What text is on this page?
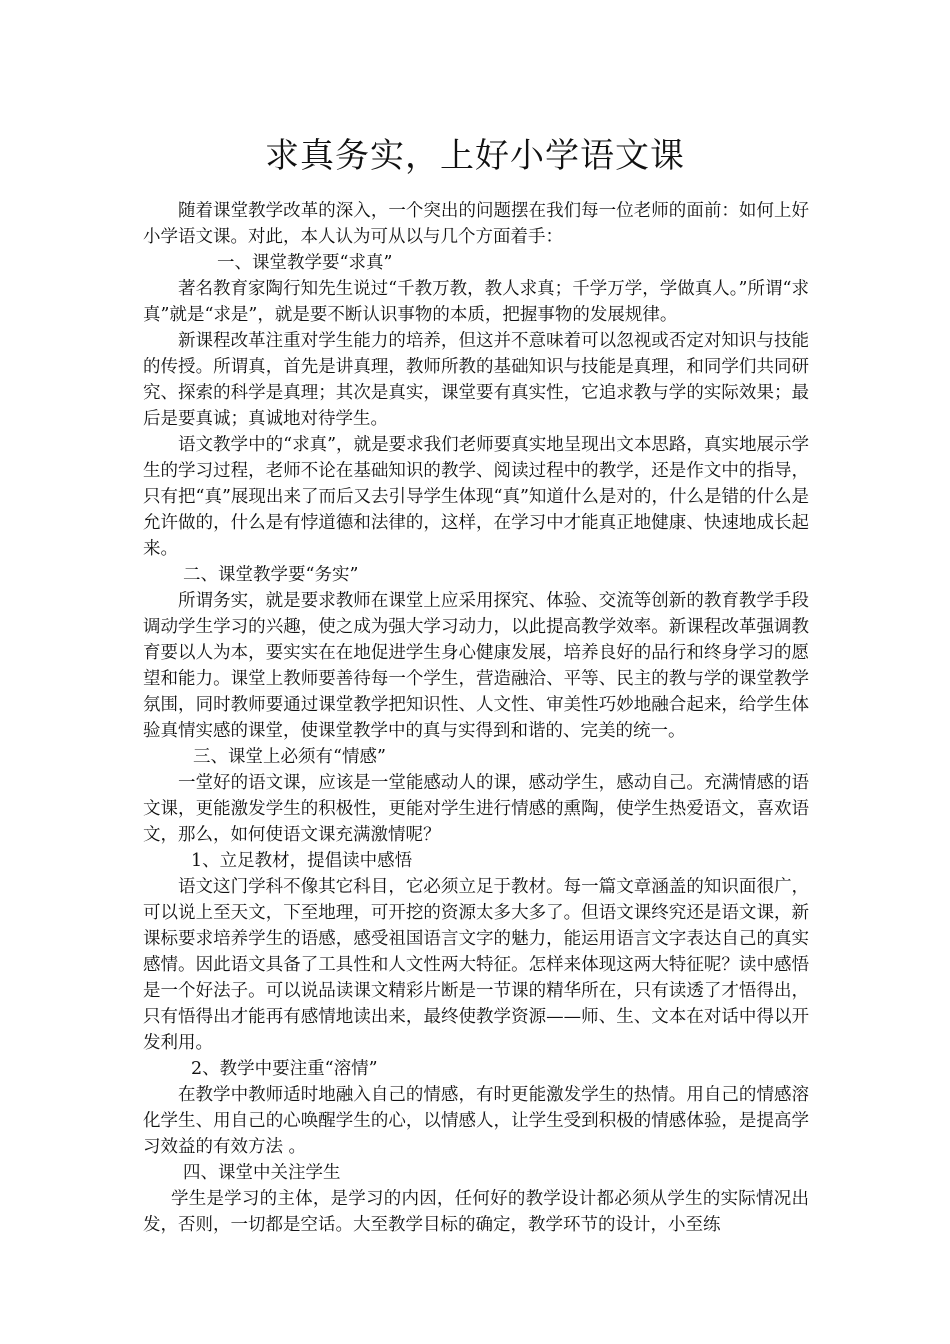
求真务实，上好小学语文课

随着课堂教学改革的深入，一个突出的问题摆在我们每一位老师的面前：如何上好小学语文课。对此，本人认为可从以与几个方面着手：

一、课堂教学要“求真”

著名教育家陶行知先生说过“千教万教，教人求真；千学万学，学做真人。”所谓“求真”就是“求是”，就是要不断认识事物的本质，把握事物的发展规律。

新课程改革注重对学生能力的培养，但这并不意味着可以忽视或否定对知识与技能的传授。所谓真，首先是讲真理，教师所教的基础知识与技能是真理，和同学们共同研究、探索的科学是真理；其次是真实，课堂要有真实性，它追求教与学的实际效果；最后是要真诚；真诚地对待学生。

语文教学中的“求真”，就是要求我们老师要真实地呈现出文本思路，真实地展示学生的学习过程，老师不论在基础知识的教学、阅读过程中的教学，还是作文中的指导，只有把“真”展现出来了而后又去引导学生体现“真”知道什么是对的，什么是错的什么是允许做的，什么是有悖道德和法律的，这样，在学习中才能真正地健康、快速地成长起来。

二、课堂教学要“务实”

所谓务实，就是要求教师在课堂上应采用探究、体验、交流等创新的教育教学手段调动学生学习的兴趣，使之成为强大学习动力，以此提高教学效率。新课程改革强调教育要以人为本，要实实在在地促进学生身心健康发展，培养良好的品行和终身学习的愿望和能力。课堂上教师要善待每一个学生，营造融洽、平等、民主的教与学的课堂教学氛围，同时教师要通过课堂教学把知识性、人文性、审美性巧妙地融合起来，给学生体验真情实感的课堂，使课堂教学中的真与实得到和谐的、完美的统一。

三、课堂上必须有“情感”

一堂好的语文课，应该是一堂能感动人的课，感动学生，感动自己。充满情感的语文课，更能激发学生的积极性，更能对学生进行情感的熏陶，使学生热爱语文，喜欢语文，那么，如何使语文课充满激情呢？

1、立足教材，提倡读中感悟

语文这门学科不像其它科目，它必须立足于教材。每一篇文章涵盖的知识面很广，可以说上至天文，下至地理，可开挖的资源太多大多了。但语文课终究还是语文课，新课标要求培养学生的语感，感受祖国语言文字的魅力，能运用语言文字表达自己的真实感情。因此语文具备了工具性和人文性两大特征。怎样来体现这两大特征呢？读中感悟是一个好法子。可以说品读课文精彩片断是一节课的精华所在，只有读透了才悟得出，只有悟得出才能再有感情地读出来，最终使教学资源——师、生、文本在对话中得以开发利用。

2、教学中要注重“溶情”

在教学中教师适时地融入自己的情感，有时更能激发学生的热情。用自己的情感溶化学生、用自己的心唤醒学生的心，以情感人，让学生受到积极的情感体验，是提高学习效益的有效方法 。

四、课堂中关注学生

学生是学习的主体，是学习的内因，任何好的教学设计都必须从学生的实际情况出发，否则，一切都是空话。大至教学目标的确定，教学环节的设计，小至练
